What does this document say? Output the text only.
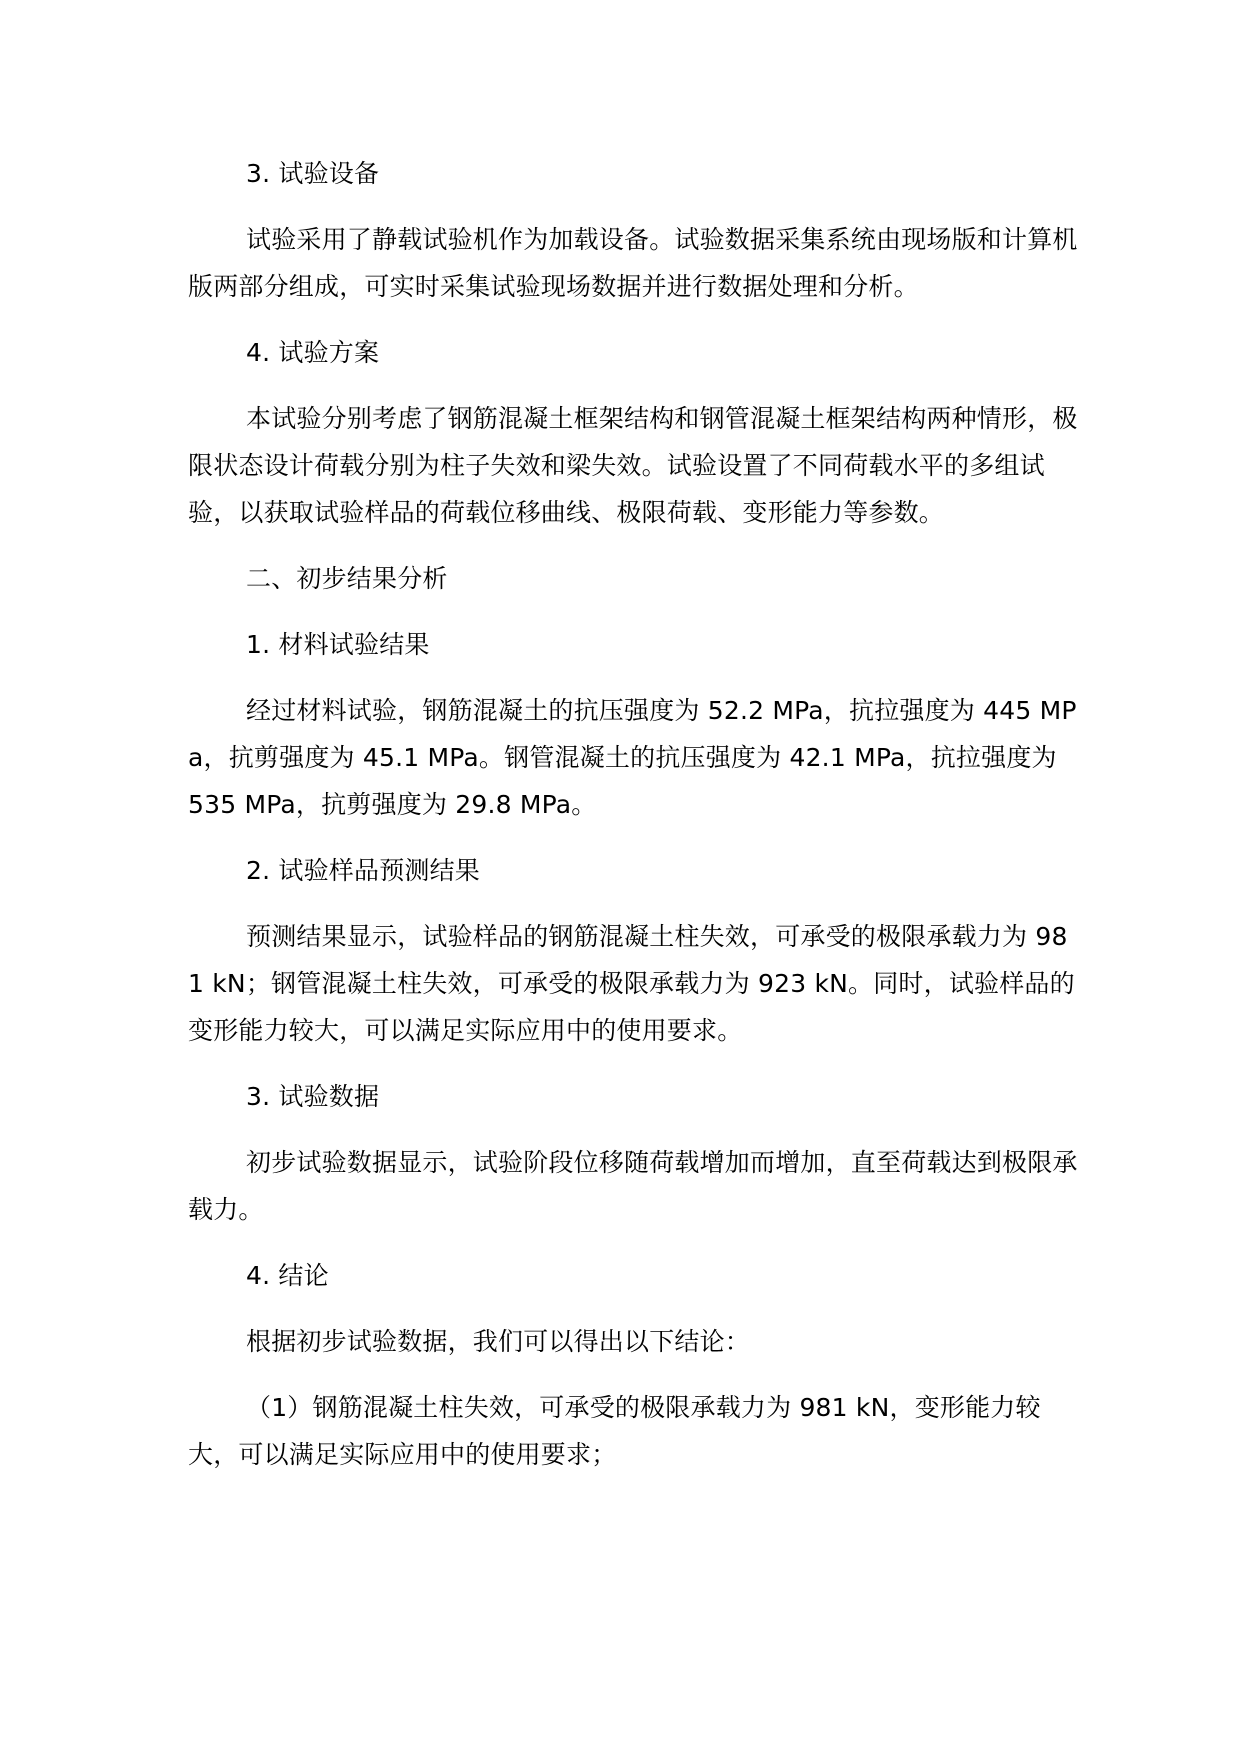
3. 试验设备

试验采用了静载试验机作为加载设备。试验数据采集系统由现场版和计算机版两部分组成，可实时采集试验现场数据并进行数据处理和分析。

4. 试验方案

本试验分别考虑了钢筋混凝土框架结构和钢管混凝土框架结构两种情形，极限状态设计荷载分别为柱子失效和梁失效。试验设置了不同荷载水平的多组试验，以获取试验样品的荷载位移曲线、极限荷载、变形能力等参数。

二、初步结果分析

1. 材料试验结果

经过材料试验，钢筋混凝土的抗压强度为 52.2 MPa，抗拉强度为 445 MPa，抗剪强度为 45.1 MPa。钢管混凝土的抗压强度为 42.1 MPa，抗拉强度为 535 MPa，抗剪强度为 29.8 MPa。

2. 试验样品预测结果

预测结果显示，试验样品的钢筋混凝土柱失效，可承受的极限承载力为 981 kN；钢管混凝土柱失效，可承受的极限承载力为 923 kN。同时，试验样品的变形能力较大，可以满足实际应用中的使用要求。

3. 试验数据

初步试验数据显示，试验阶段位移随荷载增加而增加，直至荷载达到极限承载力。

4. 结论

根据初步试验数据，我们可以得出以下结论：

（1）钢筋混凝土柱失效，可承受的极限承载力为 981 kN，变形能力较大，可以满足实际应用中的使用要求；
